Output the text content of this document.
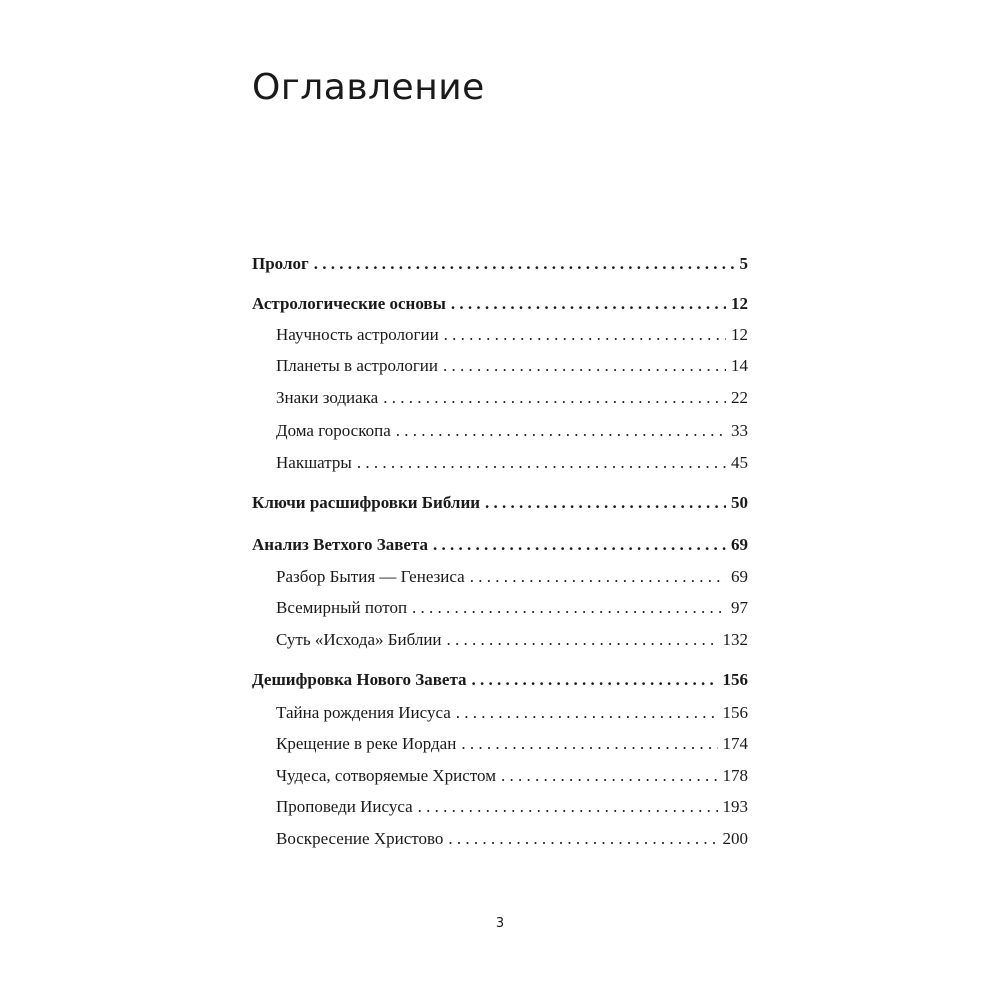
Оглавление
Пролог . . .	5
Астрологические основы . . .	12
Научность астрологии . . .	12
Планеты в астрологии . . .	14
Знаки зодиака . . .	22
Дома гороскопа . . .	33
Накшатры . . .	45
Ключи расшифровки Библии . . .	50
Анализ Ветхого Завета . . .	69
Разбор Бытия — Генезиса . . .	69
Всемирный потоп . . .	97
Суть «Исхода» Библии . . .	132
Дешифровка Нового Завета . . .	156
Тайна рождения Иисуса . . .	156
Крещение в реке Иордан . . .	174
Чудеса, сотворяемые Христом . . .	178
Проповеди Иисуса . . .	193
Воскресение Христово . . .	200
3
